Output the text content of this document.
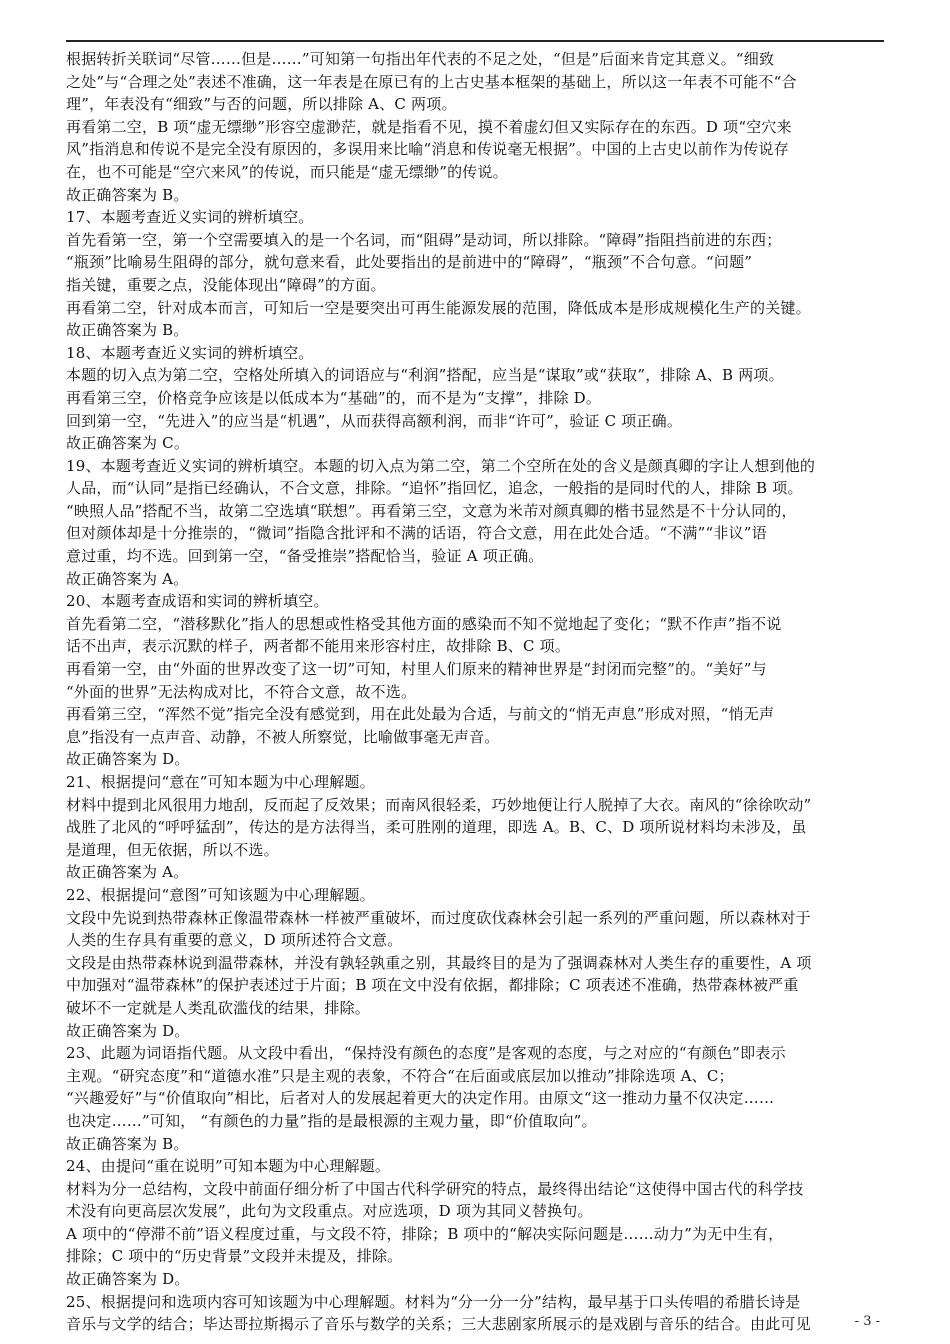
根据转折关联词“尽管……但是……”可知第一句指出年代表的不足之处，“但是”后面来肯定其意义。“细致
之处”与“合理之处”表述不准确，这一年表是在原已有的上古史基本框架的基础上，所以这一年表不可能不“合
理”，年表没有“细致”与否的问题，所以排除 A、C 两项。
再看第二空，B 项“虚无缥缈”形容空虚渺茫，就是指看不见，摸不着虚幻但又实际存在的东西。D 项“空穴来
风”指消息和传说不是完全没有原因的，多误用来比喻“消息和传说毫无根据”。中国的上古史以前作为传说存
在，也不可能是“空穴来风”的传说，而只能是“虚无缥缈”的传说。
故正确答案为 B。
17、本题考查近义实词的辨析填空。
首先看第一空，第一个空需要填入的是一个名词，而“阻碍”是动词，所以排除。“障碍”指阻挡前进的东西；
“瓶颈”比喻易生阻碍的部分，就句意来看，此处要指出的是前进中的“障碍”，“瓶颈”不合句意。“问题”
指关键，重要之点，没能体现出“障碍”的方面。
再看第二空，针对成本而言，可知后一空是要突出可再生能源发展的范围，降低成本是形成规模化生产的关键。
故正确答案为 B。
18、本题考查近义实词的辨析填空。
本题的切入点为第二空，空格处所填入的词语应与“利润”搭配，应当是“谋取”或“获取”，排除 A、B 两项。
再看第三空，价格竞争应该是以低成本为“基础”的，而不是为“支撑”，排除 D。
回到第一空，“先进入”的应当是“机遇”，从而获得高额利润，而非“许可”，验证 C 项正确。
故正确答案为 C。
19、本题考查近义实词的辨析填空。本题的切入点为第二空，第二个空所在处的含义是颜真卿的字让人想到他的
人品，而“认同”是指已经确认，不合文意，排除。“追怀”指回忆，追念，一般指的是同时代的人，排除 B 项。
“映照人品”搭配不当，故第二空选填“联想”。再看第三空，文意为米芾对颜真卿的楷书显然是不十分认同的，
但对颜体却是十分推崇的，“微词”指隐含批评和不满的话语，符合文意，用在此处合适。“不满”“非议”语
意过重，均不选。回到第一空，“备受推崇”搭配恰当，验证 A 项正确。
故正确答案为 A。
20、本题考查成语和实词的辨析填空。
首先看第二空，“潜移默化”指人的思想或性格受其他方面的感染而不知不觉地起了变化；“默不作声”指不说
话不出声，表示沉默的样子，两者都不能用来形容村庄，故排除 B、C 项。
再看第一空，由“外面的世界改变了这一切”可知，村里人们原来的精神世界是“封闭而完整”的。“美好”与
“外面的世界”无法构成对比，不符合文意，故不选。
再看第三空，“浑然不觉”指完全没有感觉到，用在此处最为合适，与前文的“悄无声息”形成对照，“悄无声
息”指没有一点声音、动静，不被人所察觉，比喻做事毫无声音。
故正确答案为 D。
21、根据提问“意在”可知本题为中心理解题。
材料中提到北风很用力地刮，反而起了反效果；而南风很轻柔，巧妙地便让行人脱掉了大衣。南风的“徐徐吹动”
战胜了北风的“呼呼猛刮”，传达的是方法得当，柔可胜刚的道理，即选 A。B、C、D 项所说材料均未涉及，虽
是道理，但无依据，所以不选。
故正确答案为 A。
22、根据提问“意图”可知该题为中心理解题。
文段中先说到热带森林正像温带森林一样被严重破坏，而过度砍伐森林会引起一系列的严重问题，所以森林对于
人类的生存具有重要的意义，D 项所述符合文意。
文段是由热带森林说到温带森林，并没有孰轻孰重之别，其最终目的是为了强调森林对人类生存的重要性，A 项
中加强对“温带森林”的保护表述过于片面；B 项在文中没有依据，都排除；C 项表述不准确，热带森林被严重
破坏不一定就是人类乱砍滥伐的结果，排除。
故正确答案为 D。
23、此题为词语指代题。从文段中看出，“保持没有颜色的态度”是客观的态度，与之对应的“有颜色”即表示
主观。“研究态度”和“道德水准”只是主观的表象，不符合“在后面或底层加以推动”排除选项 A、C；
“兴趣爱好”与“价值取向”相比，后者对人的发展起着更大的决定作用。由原文“这一推动力量不仅决定……
也决定……”可知， “有颜色的力量”指的是最根源的主观力量，即“价值取向”。
故正确答案为 B。
24、由提问“重在说明”可知本题为中心理解题。
材料为分一总结构，文段中前面仔细分析了中国古代科学研究的特点，最终得出结论“这使得中国古代的科学技
术没有向更高层次发展”，此句为文段重点。对应选项，D 项为其同义替换句。
A 项中的“停滞不前”语义程度过重，与文段不符，排除；B 项中的“解决实际问题是……动力”为无中生有，
排除；C 项中的“历史背景”文段并未提及，排除。
故正确答案为 D。
25、根据提问和选项内容可知该题为中心理解题。材料为“分一分一分”结构，最早基于口头传唱的希腊长诗是
音乐与文学的结合；毕达哥拉斯揭示了音乐与数学的关系；三大悲剧家所展示的是戏剧与音乐的结合。由此可见	- 3 -
